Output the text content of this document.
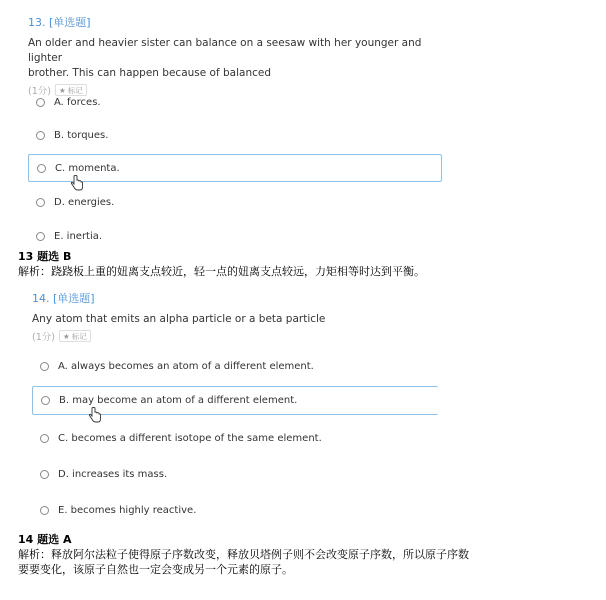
13. [单选题]
An older and heavier sister can balance on a seesaw with her younger and lighter
brother. This can happen because of balanced
(1分) ★ 标记
A. forces.
B. torques.
C. momenta.
D. energies.
E. inertia.
13 题选 B
解析：跷跷板上重的妞离支点较近，轻一点的妞离支点较远，力矩相等时达到平衡。
14. [单选题]
Any atom that emits an alpha particle or a beta particle
(1分) ★ 标记
A. always becomes an atom of a different element.
B. may become an atom of a different element.
C. becomes a different isotope of the same element.
D. increases its mass.
E. becomes highly reactive.
14 题选 A
解析：释放阿尔法粒子使得原子序数改变，释放贝塔例子则不会改变原子序数，所以原子序数
要要变化，该原子自然也一定会变成另一个元素的原子。
